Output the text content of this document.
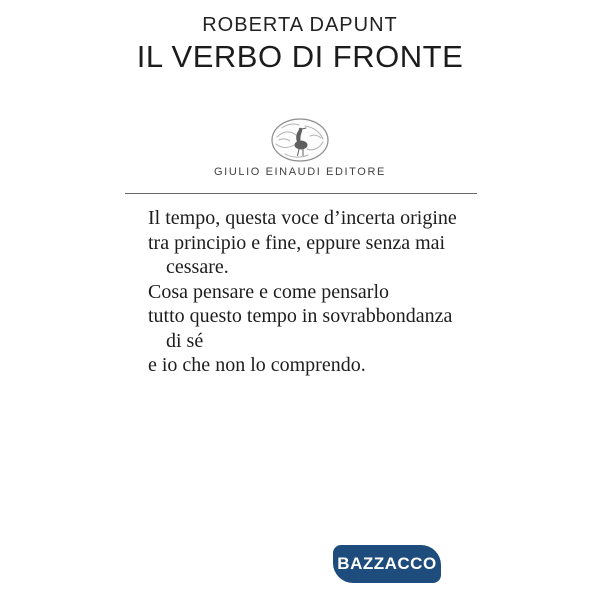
ROBERTA DAPUNT
IL VERBO DI FRONTE
GIULIO EINAUDI EDITORE
Il tempo, questa voce d’incerta origine
tra principio e fine, eppure senza mai
cessare.
Cosa pensare e come pensarlo
tutto questo tempo in sovrabbondanza
di sé
e io che non lo comprendo.
BAZZACCO
